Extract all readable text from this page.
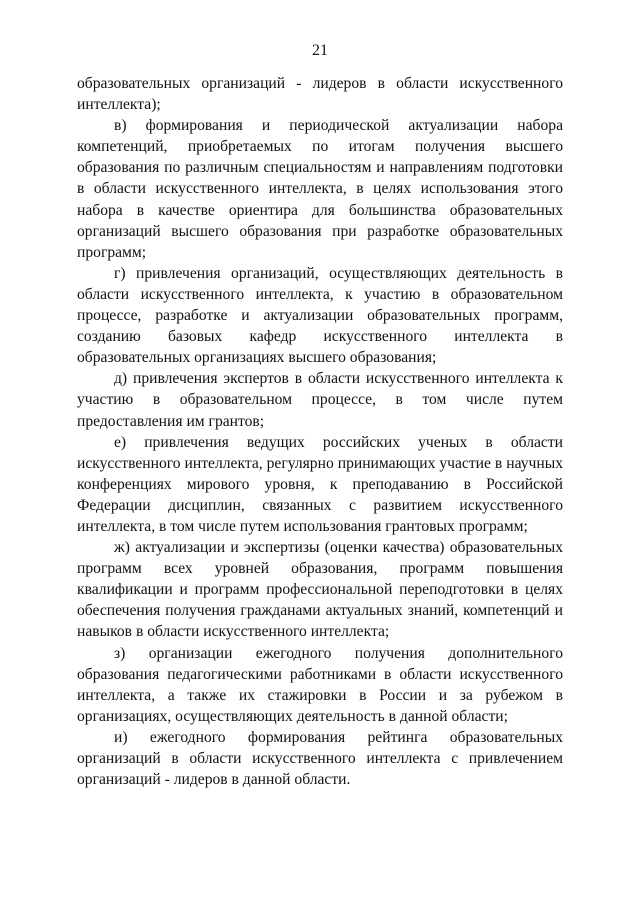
21

образовательных организаций - лидеров в области искусственного интеллекта);

в) формирования и периодической актуализации набора компетенций, приобретаемых по итогам получения высшего образования по различным специальностям и направлениям подготовки в области искусственного интеллекта, в целях использования этого набора в качестве ориентира для большинства образовательных организаций высшего образования при разработке образовательных программ;

г) привлечения организаций, осуществляющих деятельность в области искусственного интеллекта, к участию в образовательном процессе, разработке и актуализации образовательных программ, созданию базовых кафедр искусственного интеллекта в образовательных организациях высшего образования;

д) привлечения экспертов в области искусственного интеллекта к участию в образовательном процессе, в том числе путем предоставления им грантов;

е) привлечения ведущих российских ученых в области искусственного интеллекта, регулярно принимающих участие в научных конференциях мирового уровня, к преподаванию в Российской Федерации дисциплин, связанных с развитием искусственного интеллекта, в том числе путем использования грантовых программ;

ж) актуализации и экспертизы (оценки качества) образовательных программ всех уровней образования, программ повышения квалификации и программ профессиональной переподготовки в целях обеспечения получения гражданами актуальных знаний, компетенций и навыков в области искусственного интеллекта;

з) организации ежегодного получения дополнительного образования педагогическими работниками в области искусственного интеллекта, а также их стажировки в России и за рубежом в организациях, осуществляющих деятельность в данной области;

и) ежегодного формирования рейтинга образовательных организаций в области искусственного интеллекта с привлечением организаций - лидеров в данной области.
